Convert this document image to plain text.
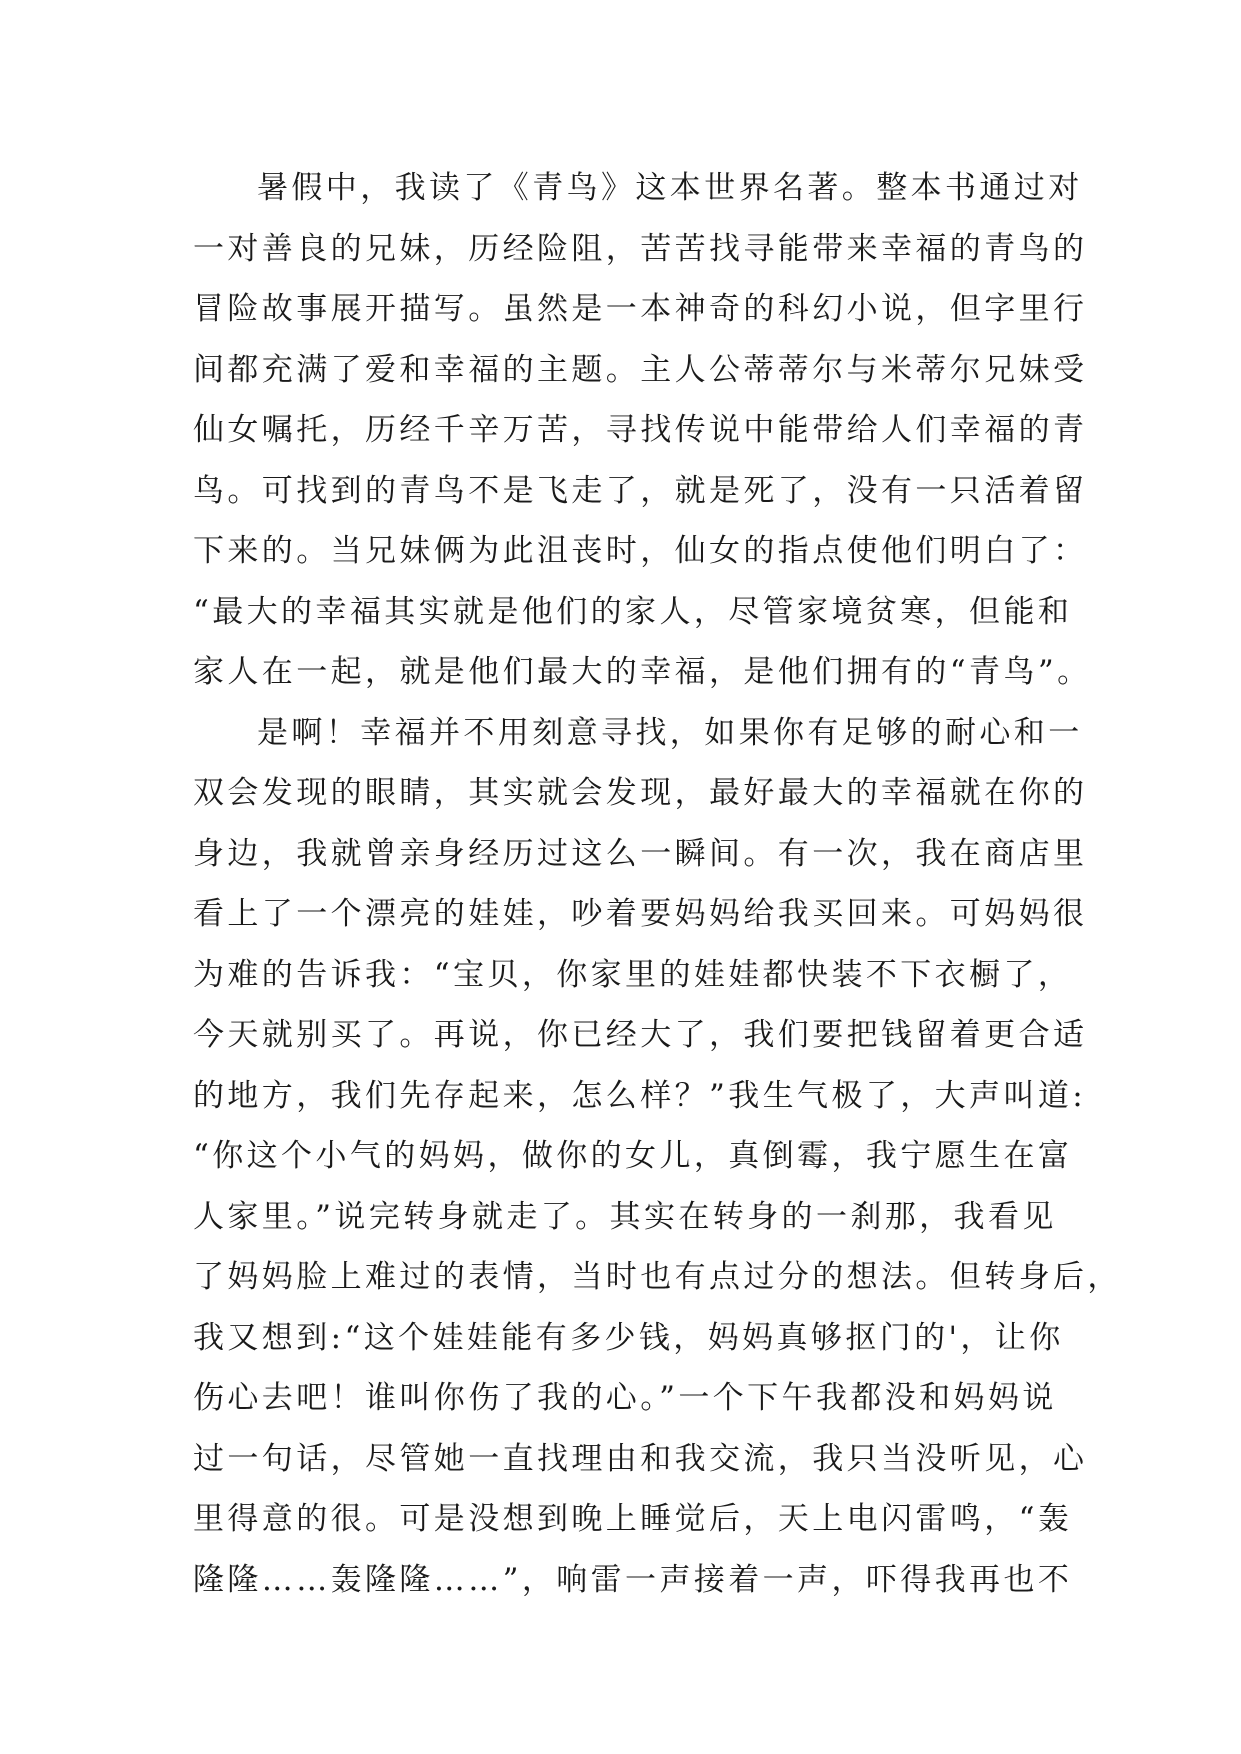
暑假中，我读了《青鸟》这本世界名著。整本书通过对
一对善良的兄妹，历经险阻，苦苦找寻能带来幸福的青鸟的
冒险故事展开描写。虽然是一本神奇的科幻小说，但字里行
间都充满了爱和幸福的主题。主人公蒂蒂尔与米蒂尔兄妹受
仙女嘱托，历经千辛万苦，寻找传说中能带给人们幸福的青
鸟。可找到的青鸟不是飞走了，就是死了，没有一只活着留
下来的。当兄妹俩为此沮丧时，仙女的指点使他们明白了：
“最大的幸福其实就是他们的家人，尽管家境贫寒，但能和
家人在一起，就是他们最大的幸福，是他们拥有的“青鸟”。
是啊！幸福并不用刻意寻找，如果你有足够的耐心和一
双会发现的眼睛，其实就会发现，最好最大的幸福就在你的
身边，我就曾亲身经历过这么一瞬间。有一次，我在商店里
看上了一个漂亮的娃娃，吵着要妈妈给我买回来。可妈妈很
为难的告诉我：“宝贝，你家里的娃娃都快装不下衣橱了，
今天就别买了。再说，你已经大了，我们要把钱留着更合适
的地方，我们先存起来，怎么样？”我生气极了，大声叫道:
“你这个小气的妈妈，做你的女儿，真倒霉，我宁愿生在富
人家里。”说完转身就走了。其实在转身的一刹那，我看见
了妈妈脸上难过的表情，当时也有点过分的想法。但转身后，
我又想到:“这个娃娃能有多少钱，妈妈真够抠门的'，让你
伤心去吧！谁叫你伤了我的心。”一个下午我都没和妈妈说
过一句话，尽管她一直找理由和我交流，我只当没听见，心
里得意的很。可是没想到晚上睡觉后，天上电闪雷鸣，“轰
隆隆……轰隆隆……”，响雷一声接着一声，吓得我再也不
